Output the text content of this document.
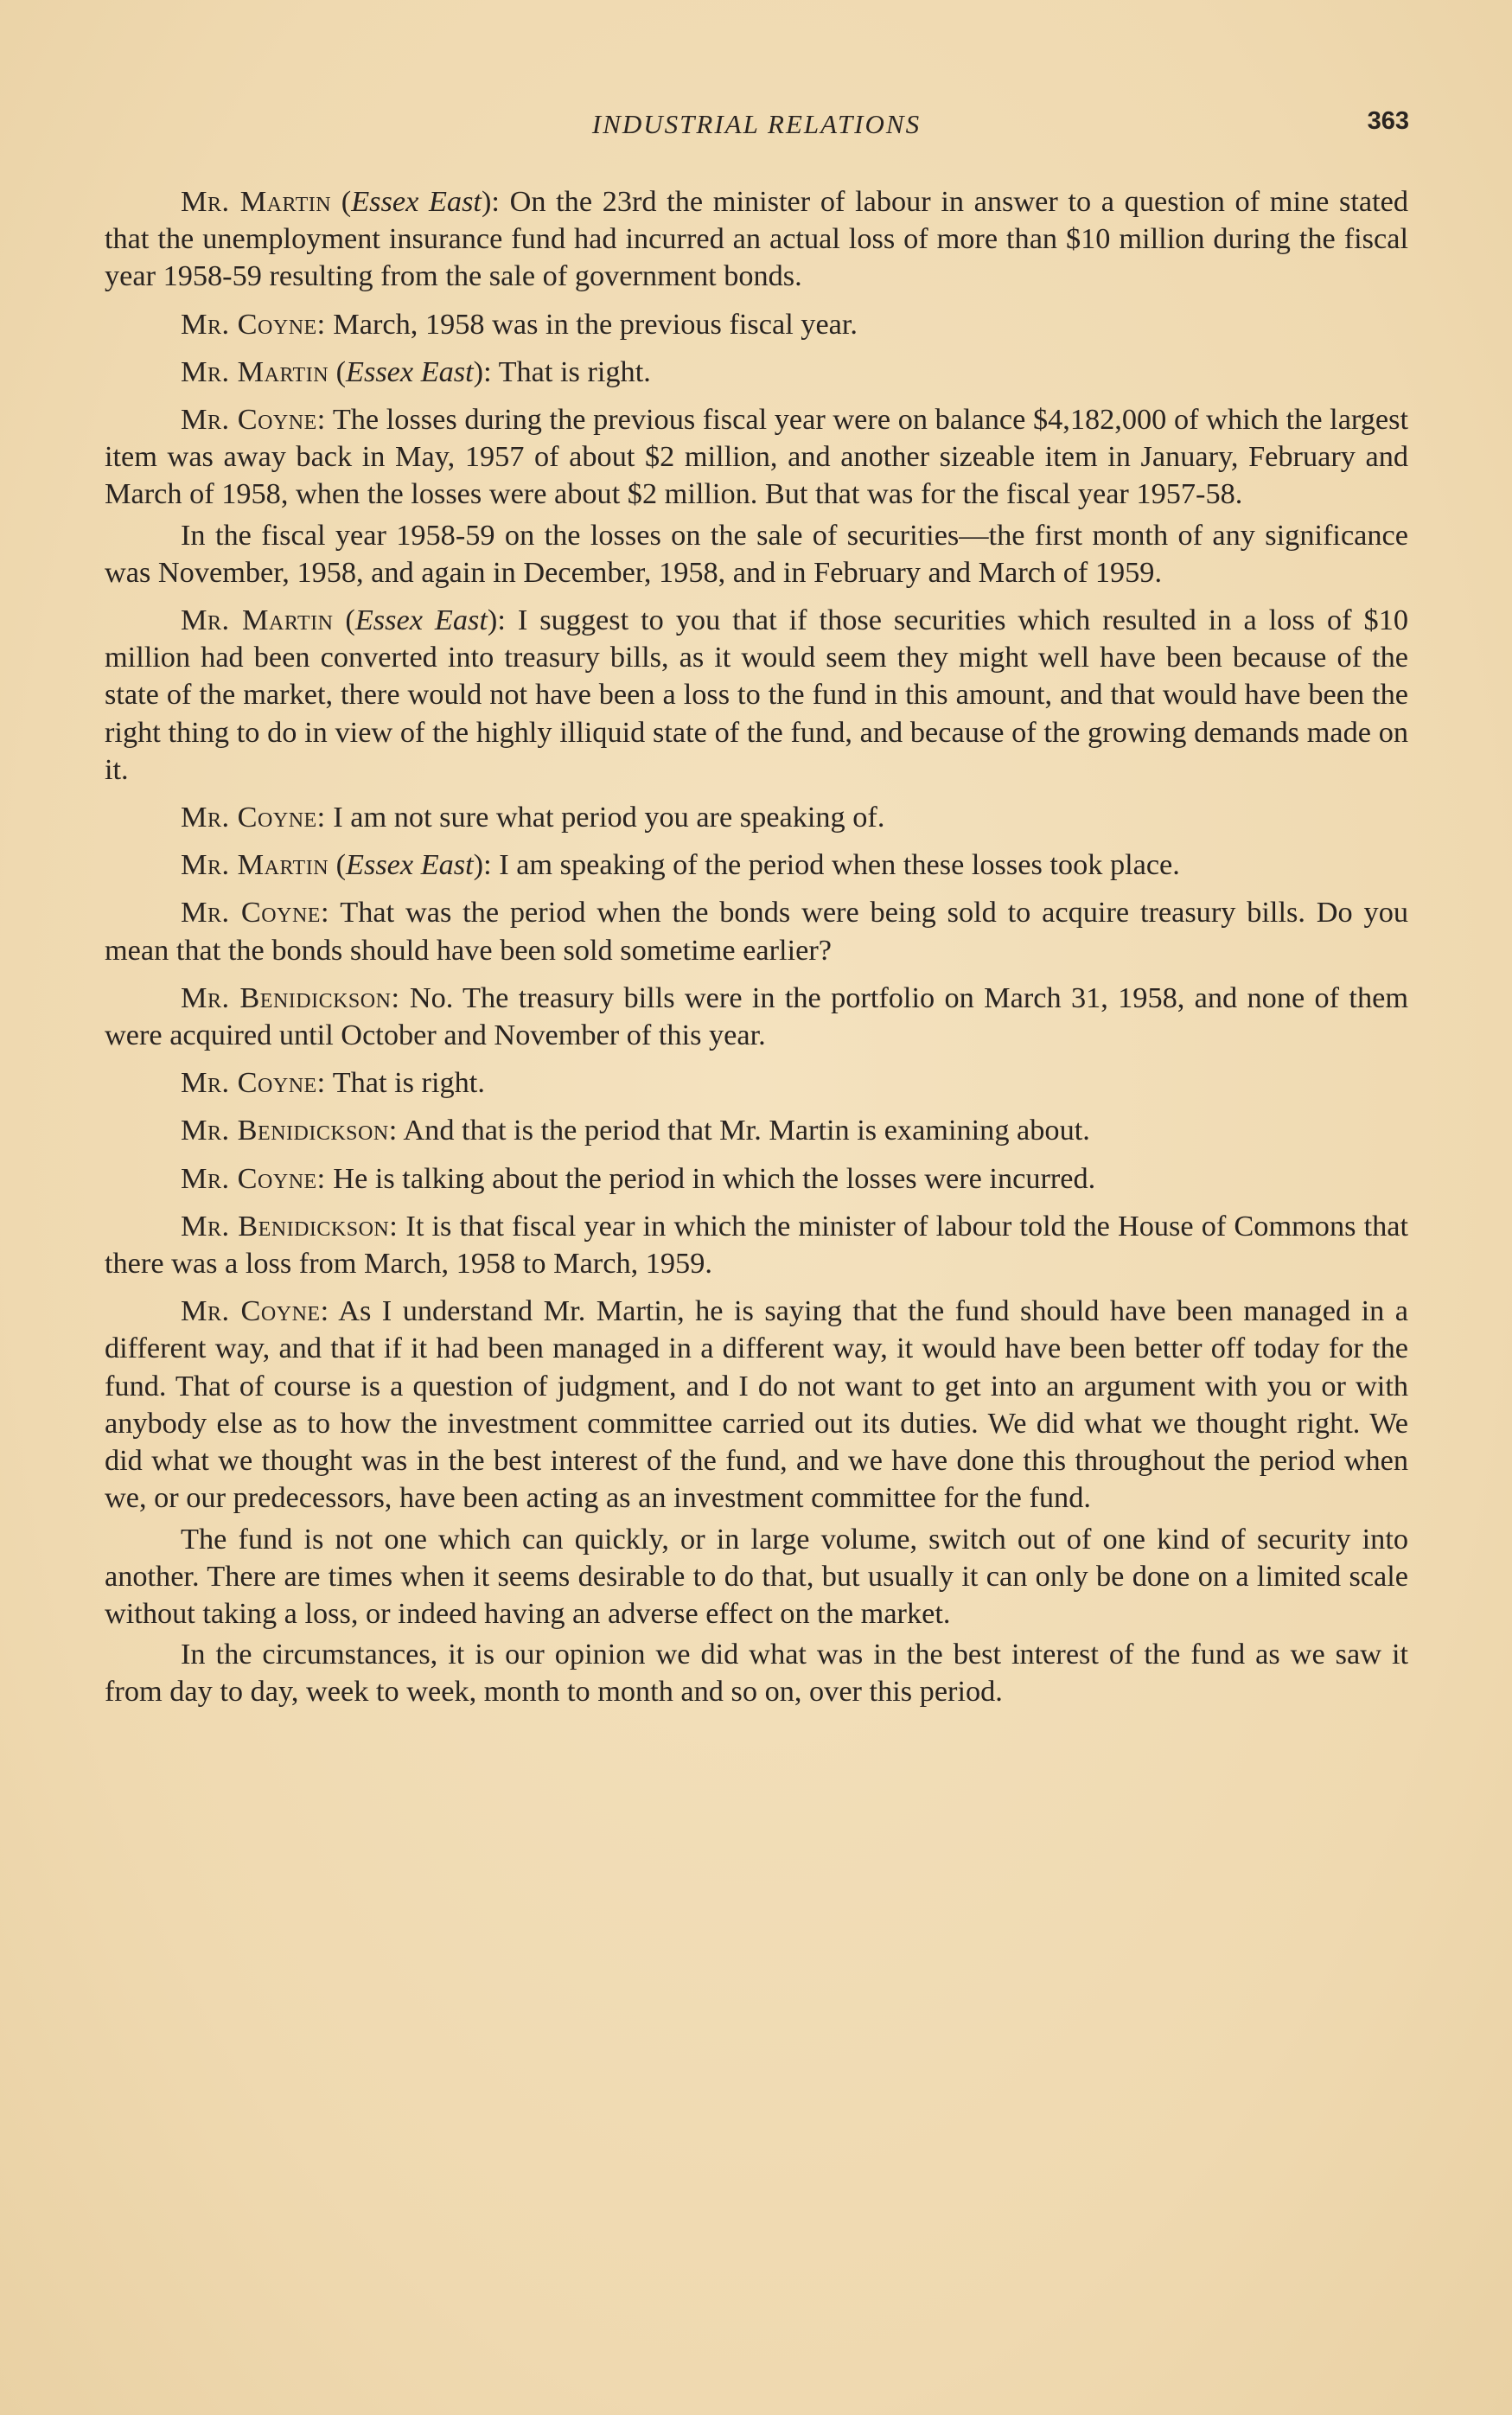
INDUSTRIAL RELATIONS	363

Mr. Martin (Essex East): On the 23rd the minister of labour in answer to a question of mine stated that the unemployment insurance fund had incurred an actual loss of more than $10 million during the fiscal year 1958-59 resulting from the sale of government bonds.

Mr. Coyne: March, 1958 was in the previous fiscal year.

Mr. Martin (Essex East): That is right.

Mr. Coyne: The losses during the previous fiscal year were on balance $4,182,000 of which the largest item was away back in May, 1957 of about $2 million, and another sizeable item in January, February and March of 1958, when the losses were about $2 million. But that was for the fiscal year 1957-58.

In the fiscal year 1958-59 on the losses on the sale of securities—the first month of any significance was November, 1958, and again in December, 1958, and in February and March of 1959.

Mr. Martin (Essex East): I suggest to you that if those securities which resulted in a loss of $10 million had been converted into treasury bills, as it would seem they might well have been because of the state of the market, there would not have been a loss to the fund in this amount, and that would have been the right thing to do in view of the highly illiquid state of the fund, and because of the growing demands made on it.

Mr. Coyne: I am not sure what period you are speaking of.

Mr. Martin (Essex East): I am speaking of the period when these losses took place.

Mr. Coyne: That was the period when the bonds were being sold to acquire treasury bills. Do you mean that the bonds should have been sold sometime earlier?

Mr. Benidickson: No. The treasury bills were in the portfolio on March 31, 1958, and none of them were acquired until October and November of this year.

Mr. Coyne: That is right.

Mr. Benidickson: And that is the period that Mr. Martin is examining about.

Mr. Coyne: He is talking about the period in which the losses were incurred.

Mr. Benidickson: It is that fiscal year in which the minister of labour told the House of Commons that there was a loss from March, 1958 to March, 1959.

Mr. Coyne: As I understand Mr. Martin, he is saying that the fund should have been managed in a different way, and that if it had been managed in a different way, it would have been better off today for the fund. That of course is a question of judgment, and I do not want to get into an argument with you or with anybody else as to how the investment committee carried out its duties. We did what we thought right. We did what we thought was in the best interest of the fund, and we have done this throughout the period when we, or our predecessors, have been acting as an investment committee for the fund.

The fund is not one which can quickly, or in large volume, switch out of one kind of security into another. There are times when it seems desirable to do that, but usually it can only be done on a limited scale without taking a loss, or indeed having an adverse effect on the market.

In the circumstances, it is our opinion we did what was in the best interest of the fund as we saw it from day to day, week to week, month to month and so on, over this period.
